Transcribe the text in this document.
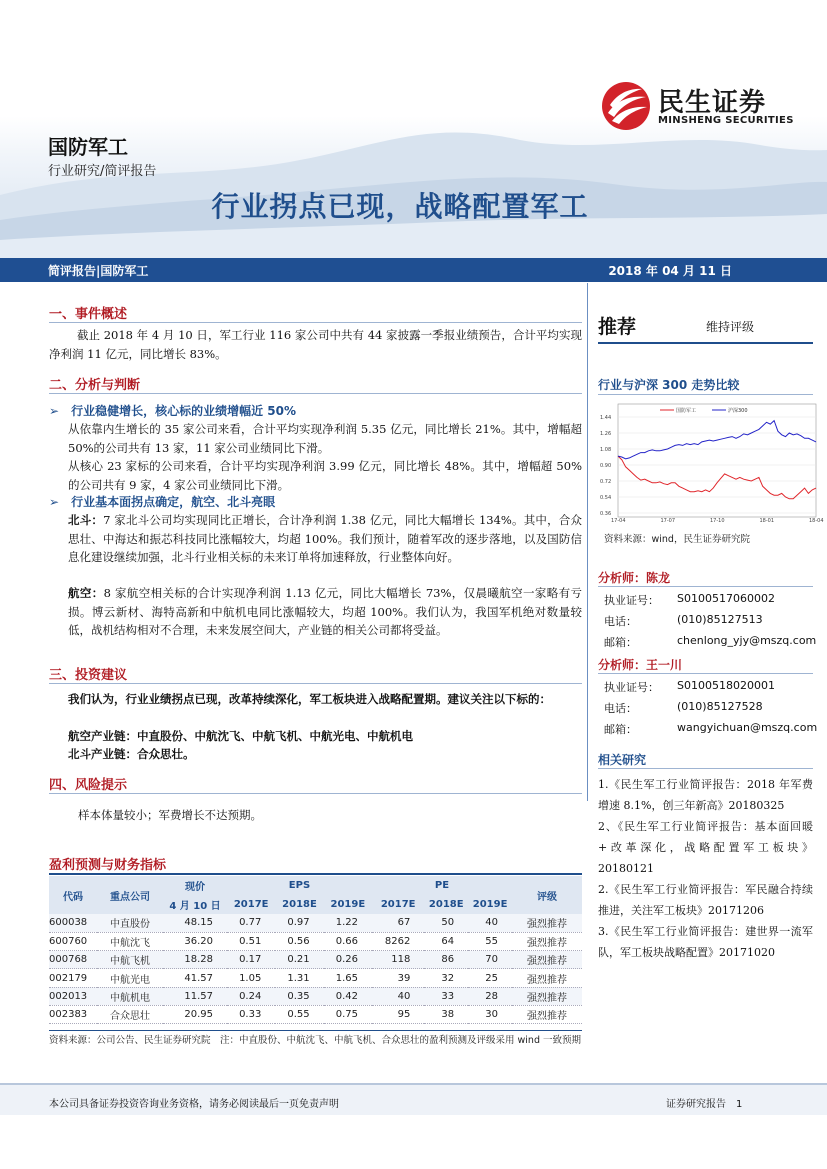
民生证券
MINSHENG SECURITIES
国防军工
行业研究/简评报告
行业拐点已现，战略配置军工
简评报告|国防军工	2018 年 04 月 11 日
一、事件概述
截止 2018 年 4 月 10 日，军工行业 116 家公司中共有 44 家披露一季报业绩预告，合计平均实现净利润 11 亿元，同比增长 83%。
二、分析与判断
➢ 行业稳健增长，核心标的业绩增幅近 50%
从依靠内生增长的 35 家公司来看，合计平均实现净利润 5.35 亿元，同比增长 21%。其中，增幅超 50%的公司共有 13 家，11 家公司业绩同比下滑。
从核心 23 家标的公司来看，合计平均实现净利润 3.99 亿元，同比增长 48%。其中，增幅超 50%的公司共有 9 家，4 家公司业绩同比下滑。
➢ 行业基本面拐点确定，航空、北斗亮眼
北斗：7 家北斗公司均实现同比正增长，合计净利润 1.38 亿元，同比大幅增长 134%。其中，合众思壮、中海达和振芯科技同比涨幅较大，均超 100%。我们预计，随着军改的逐步落地，以及国防信息化建设继续加强，北斗行业相关标的未来订单将加速释放，行业整体向好。
航空：8 家航空相关标的合计实现净利润 1.13 亿元，同比大幅增长 73%，仅晨曦航空一家略有亏损。博云新材、海特高新和中航机电同比涨幅较大，均超 100%。我们认为，我国军机绝对数量较低，战机结构相对不合理，未来发展空间大，产业链的相关公司都将受益。
三、投资建议
我们认为，行业业绩拐点已现，改革持续深化，军工板块进入战略配置期。建议关注以下标的：
航空产业链：中直股份、中航沈飞、中航飞机、中航光电、中航机电
北斗产业链：合众思壮。
四、风险提示
样本体量较小；军费增长不达预期。
盈利预测与财务指标
代码	重点公司	现价	EPS			PE			评级
		4 月 10 日	2017E	2018E	2019E	2017E	2018E	2019E	
600038	中直股份	48.15	0.77	0.97	1.22	67	50	40	强烈推荐
600760	中航沈飞	36.20	0.51	0.56	0.66	8262	64	55	强烈推荐
000768	中航飞机	18.28	0.17	0.21	0.26	118	86	70	强烈推荐
002179	中航光电	41.57	1.05	1.31	1.65	39	32	25	强烈推荐
002013	中航机电	11.57	0.24	0.35	0.42	40	33	28	强烈推荐
002383	合众思壮	20.95	0.33	0.55	0.75	95	38	30	强烈推荐
资料来源：公司公告、民生证券研究院　注：中直股份、中航沈飞、中航飞机、合众思壮的盈利预测及评级采用 wind 一致预期
推荐	维持评级
行业与沪深 300 走势比较
国防军工	沪深300
1.44
1.26
1.08
0.90
0.72
0.54
0.36
17-04	17-07	17-10	18-01	18-04
资料来源：wind，民生证券研究院
分析师：陈龙
执业证号： S0100517060002
电话：	(010)85127513
邮箱：	chenlong_yjy@mszq.com
分析师：王一川
执业证号： S0100518020001
电话：	(010)85127528
邮箱：	wangyichuan@mszq.com
相关研究
1.《民生军工行业简评报告：2018 年军费增速 8.1%，创三年新高》20180325
2、《民生军工行业简评报告：基本面回暖+改革深化，战略配置军工板块》20180121
2.《民生军工行业简评报告：军民融合持续推进，关注军工板块》20171206
3.《民生军工行业简评报告：建世界一流军队，军工板块战略配置》20171020
本公司具备证券投资咨询业务资格，请务必阅读最后一页免责声明	证券研究报告　1
